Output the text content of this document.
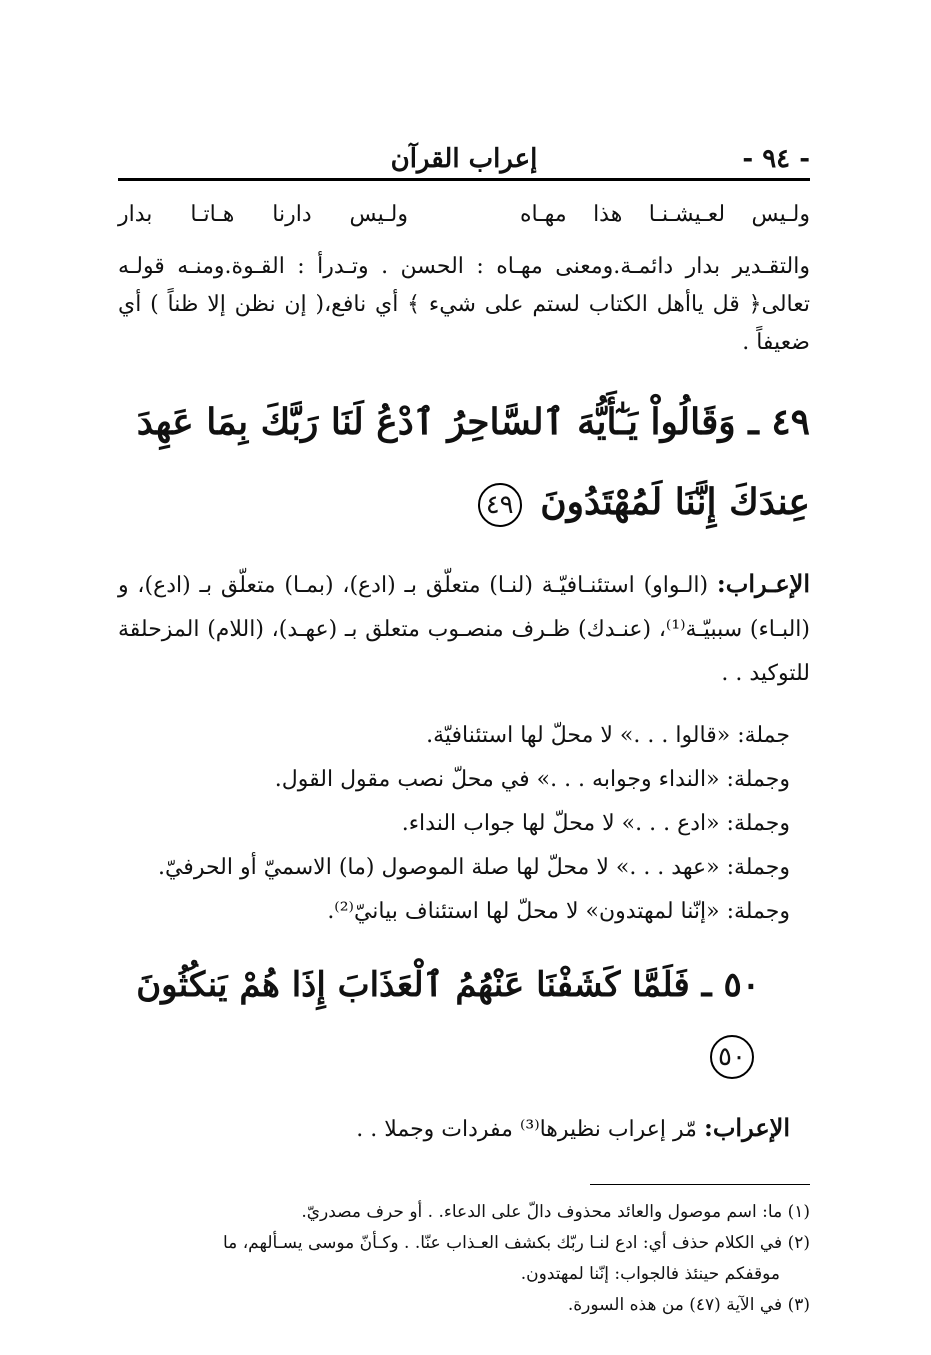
- ٩٤ -
إعراب القرآن
ولـيس لعـيشـنـا هذا مهـاه
ولـيس دارنا هـاتـا بدار

والتقـدير بدار دائمـة.ومعنى مهـاه : الحسن . وتـدرأ : القـوة.ومنـه قولـه تعالى﴿ قل ياأهل الكتاب لستم على شيء ﴾ أي نافع،( إن نظن إلا ظناً ) أي ضعيفاً .

٤٩ ـ وَقَالُواْ يَـٰٓأَيُّهَ ٱلسَّاحِرُ ٱدْعُ لَنَا رَبَّكَ بِمَا عَهِدَ عِندَكَ إِنَّنَا لَمُهْتَدُونَ ٤٩

الإعـراب: (الـواو) استئنـافيّـة (لنـا) متعلّق بـ (ادع)، (بمـا) متعلّق بـ (ادع)، و (البـاء) سببيّـة⁽¹⁾، (عنـدك) ظـرف منصـوب متعلق بـ (عهـد)، (اللام) المزحلقة للتوكيد . .

جملة: «قالوا . . .» لا محلّ لها استئنافيّة.
وجملة: «النداء وجوابه . . .» في محلّ نصب مقول القول.
وجملة: «ادع . . .» لا محلّ لها جواب النداء.
وجملة: «عهد . . .» لا محلّ لها صلة الموصول (ما) الاسميّ أو الحرفيّ.
وجملة: «إنّنا لمهتدون» لا محلّ لها استئناف بيانيّ⁽²⁾.
٥٠ ـ فَلَمَّا كَشَفْنَا عَنْهُمُ ٱلْعَذَابَ إِذَا هُمْ يَنكُثُونَ ٥٠

الإعراب: مّر إعراب نظيرها⁽³⁾ مفردات وجملا . .

(١) ما: اسم موصول والعائد محذوف دالّ على الدعاء. . أو حرف مصدريّ.
(٢) في الكلام حذف أي: ادع لنـا ربّك بكشف العـذاب عنّا. . وكـأنّ موسى يسـألهم، ما
موقفكم حينئذ فالجواب: إنّنا لمهتدون.
(٣) في الآية (٤٧) من هذه السورة.
